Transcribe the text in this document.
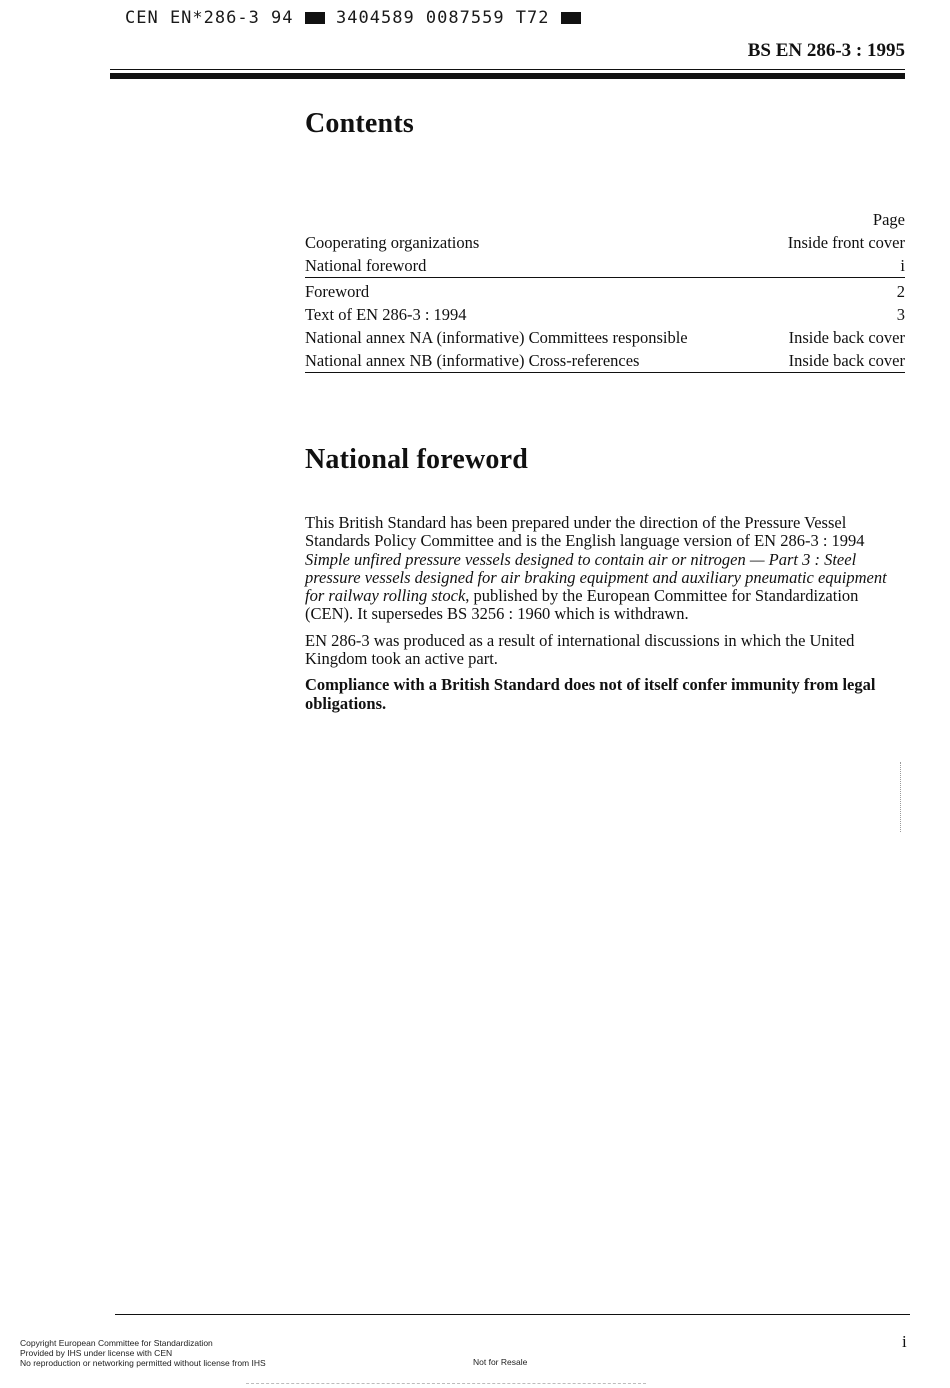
CEN EN*286-3 94	3404589 0087559 T72
BS EN 286-3 : 1995
Contents
Page
Cooperating organizations	Inside front cover
National foreword	i
Foreword	2
Text of EN 286-3 : 1994	3
National annex NA (informative) Committees responsible	Inside back cover
National annex NB (informative) Cross-references	Inside back cover
National foreword

This British Standard has been prepared under the direction of the Pressure Vessel Standards Policy Committee and is the English language version of EN 286-3 : 1994 Simple unfired pressure vessels designed to contain air or nitrogen — Part 3 : Steel pressure vessels designed for air braking equipment and auxiliary pneumatic equipment for railway rolling stock, published by the European Committee for Standardization (CEN). It supersedes BS 3256 : 1960 which is withdrawn.

EN 286-3 was produced as a result of international discussions in which the United Kingdom took an active part.

Compliance with a British Standard does not of itself confer immunity from legal obligations.

Copyright European Committee for Standardization
Provided by IHS under license with CEN
No reproduction or networking permitted without license from IHS	Not for Resale
i
